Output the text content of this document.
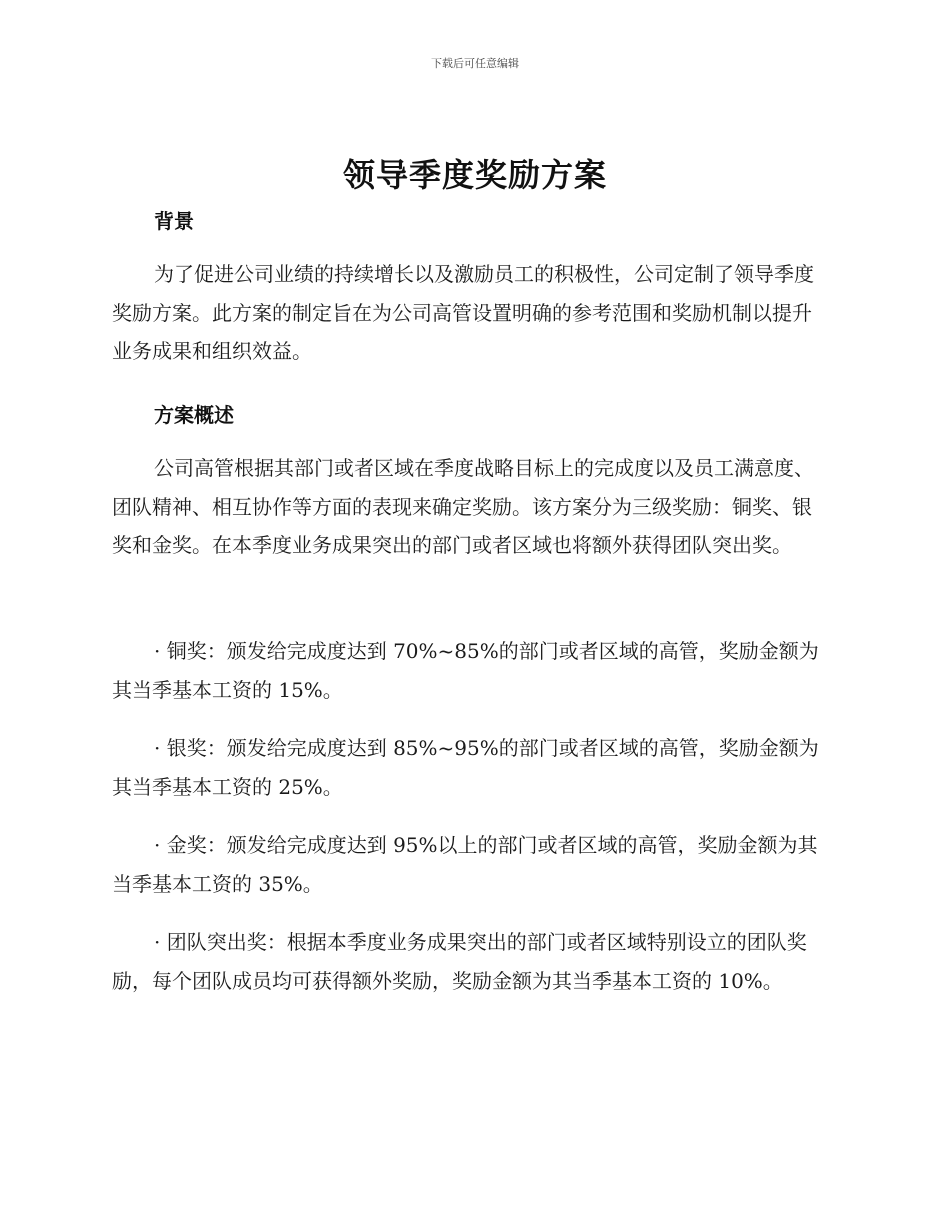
下载后可任意编辑
领导季度奖励方案

背景

为了促进公司业绩的持续增长以及激励员工的积极性，公司定制了领导季度奖励方案。此方案的制定旨在为公司高管设置明确的参考范围和奖励机制以提升业务成果和组织效益。

方案概述

公司高管根据其部门或者区域在季度战略目标上的完成度以及员工满意度、团队精神、相互协作等方面的表现来确定奖励。该方案分为三级奖励：铜奖、银奖和金奖。在本季度业务成果突出的部门或者区域也将额外获得团队突出奖。

· 铜奖：颁发给完成度达到 70%~85%的部门或者区域的高管，奖励金额为其当季基本工资的 15%。

· 银奖：颁发给完成度达到 85%~95%的部门或者区域的高管，奖励金额为其当季基本工资的 25%。

· 金奖：颁发给完成度达到 95%以上的部门或者区域的高管，奖励金额为其当季基本工资的 35%。

· 团队突出奖：根据本季度业务成果突出的部门或者区域特别设立的团队奖励，每个团队成员均可获得额外奖励，奖励金额为其当季基本工资的 10%。
